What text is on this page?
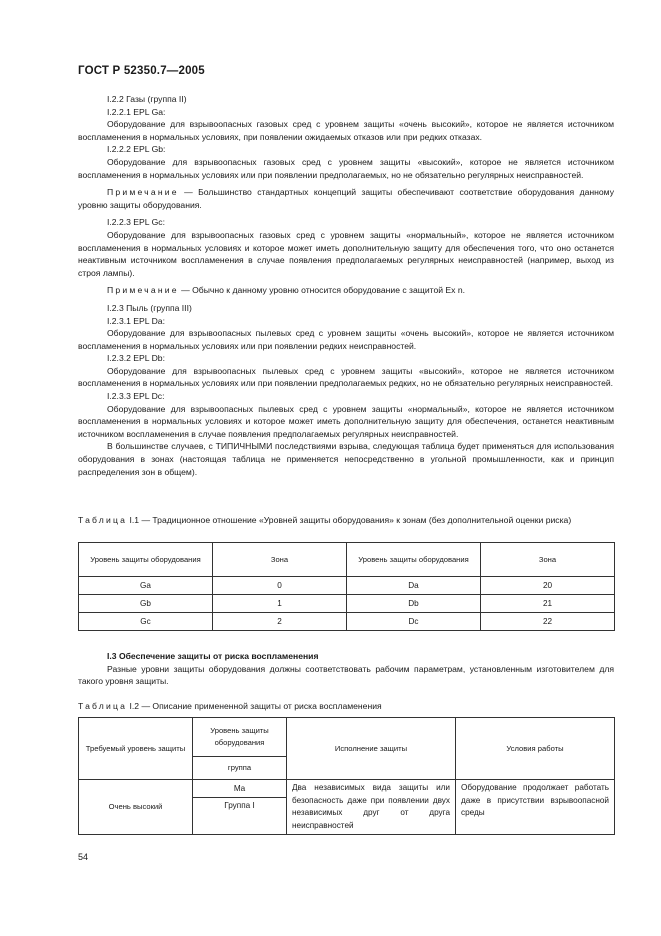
ГОСТ Р 52350.7—2005

I.2.2 Газы (группа II)

I.2.2.1 EPL Ga:

Оборудование для взрывоопасных газовых сред с уровнем защиты «очень высокий», которое не является источником воспламенения в нормальных условиях, при появлении ожидаемых отказов или при редких отказах.

I.2.2.2 EPL Gb:

Оборудование для взрывоопасных газовых сред с уровнем защиты «высокий», которое не является источником воспламенения в нормальных условиях или при появлении предполагаемых, но не обязательно регулярных неисправностей.

Примечание — Большинство стандартных концепций защиты обеспечивают соответствие оборудования данному уровню защиты оборудования.

I.2.2.3 EPL Gc:

Оборудование для взрывоопасных газовых сред с уровнем защиты «нормальный», которое не является источником воспламенения в нормальных условиях и которое может иметь дополнительную защиту для обеспечения того, что оно останется неактивным источником воспламенения в случае появления предполагаемых регулярных неисправностей (например, выход из строя лампы).

Примечание — Обычно к данному уровню относится оборудование с защитой Ex n.

I.2.3 Пыль (группа III)

I.2.3.1 EPL Da:

Оборудование для взрывоопасных пылевых сред с уровнем защиты «очень высокий», которое не является источником воспламенения в нормальных условиях или при появлении редких неисправностей.

I.2.3.2 EPL Db:

Оборудование для взрывоопасных пылевых сред с уровнем защиты «высокий», которое не является источником воспламенения в нормальных условиях или при появлении предполагаемых редких, но не обязательно регулярных неисправностей.

I.2.3.3 EPL Dc:

Оборудование для взрывоопасных пылевых сред с уровнем защиты «нормальный», которое не является источником воспламенения в нормальных условиях и которое может иметь дополнительную защиту для обеспечения, останется неактивным источником воспламенения в случае появления предполагаемых регулярных неисправностей.

В большинстве случаев, с ТИПИЧНЫМИ последствиями взрыва, следующая таблица будет применяться для использования оборудования в зонах (настоящая таблица не применяется непосредственно в угольной промышленности, как и принцип распределения зон в общем).

Таблица I.1 — Традиционное отношение «Уровней защиты оборудования» к зонам (без дополнительной оценки риска)
Уровень защиты оборудования	Зона	Уровень защиты оборудования	Зона
Ga	0	Da	20
Gb	1	Db	21
Gc	2	Dc	22

I.3 Обеспечение защиты от риска воспламенения

Разные уровни защиты оборудования должны соответствовать рабочим параметрам, установленным изготовителем для такого уровня защиты.

Таблица I.2 — Описание примененной защиты от риска воспламенения
Требуемый уровень защиты	Уровень защиты оборудования	Исполнение защиты	Условия работы
	группа		
Очень высокий	Ma	Два независимых вида защиты или безопасность даже при появлении двух независимых друг от друга неисправностей	Оборудование продолжает работать даже в присутствии взрывоопасной среды
	Группа I		
54
